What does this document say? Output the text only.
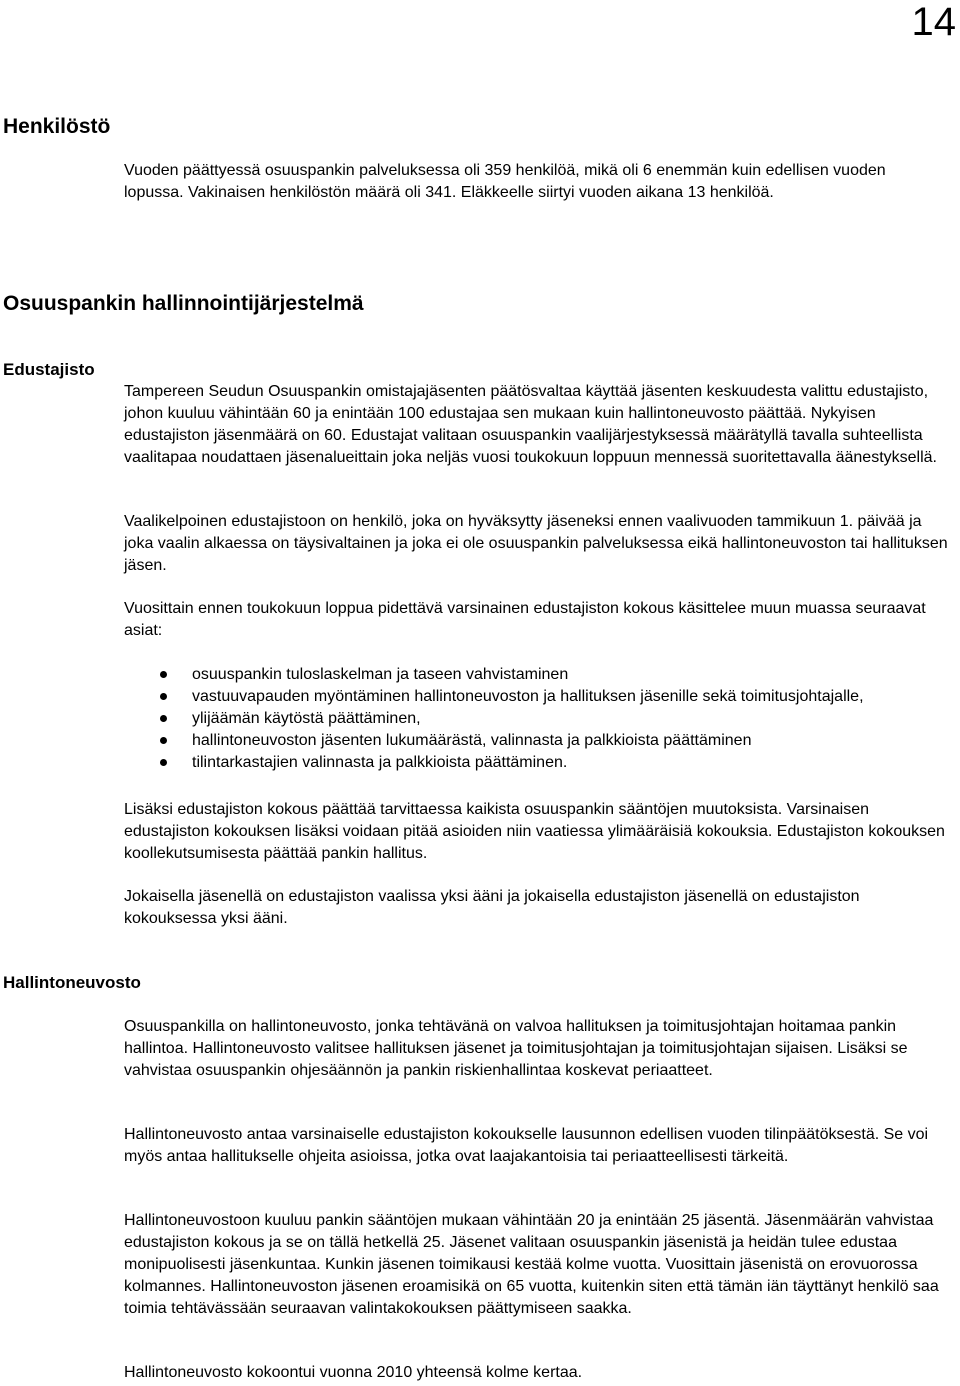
14
Henkilöstö

Vuoden päättyessä osuuspankin palveluksessa oli 359 henkilöä, mikä oli 6 enemmän kuin edellisen vuoden lopussa. Vakinaisen henkilöstön määrä oli 341. Eläkkeelle siirtyi vuoden aikana 13 henkilöä.

Osuuspankin hallinnointijärjestelmä
Edustajisto

Tampereen Seudun Osuuspankin omistajajäsenten päätösvaltaa käyttää jäsenten keskuudesta valittu edustajisto, johon kuuluu vähintään 60 ja enintään 100 edustajaa sen mukaan kuin hallintoneuvosto päättää. Nykyisen edustajiston jäsenmäärä on 60. Edustajat valitaan osuuspankin vaalijärjestyksessä määrätyllä tavalla suhteellista vaalitapaa noudattaen jäsenalueittain joka neljäs vuosi toukokuun loppuun mennessä suoritettavalla äänestyksellä.

Vaalikelpoinen edustajistoon on henkilö, joka on hyväksytty jäseneksi ennen vaalivuoden tammikuun 1. päivää ja joka vaalin alkaessa on täysivaltainen ja joka ei ole osuuspankin palveluksessa eikä hallintoneuvoston tai hallituksen jäsen.

Vuosittain ennen toukokuun loppua pidettävä varsinainen edustajiston kokous käsittelee muun muassa seuraavat asiat:

osuuspankin tuloslaskelman ja taseen vahvistaminen
vastuuvapauden myöntäminen hallintoneuvoston ja hallituksen jäsenille sekä toimitusjohtajalle,
ylijäämän käytöstä päättäminen,
hallintoneuvoston jäsenten lukumäärästä, valinnasta ja palkkioista päättäminen
tilintarkastajien valinnasta ja palkkioista päättäminen.

Lisäksi edustajiston kokous päättää tarvittaessa kaikista osuuspankin sääntöjen muutoksista. Varsinaisen edustajiston kokouksen lisäksi voidaan pitää asioiden niin vaatiessa ylimääräisiä kokouksia. Edustajiston kokouksen koollekutsumisesta päättää pankin hallitus.

Jokaisella jäsenellä on edustajiston vaalissa yksi ääni ja jokaisella edustajiston jäsenellä on edustajiston kokouksessa yksi ääni.

Hallintoneuvosto

Osuuspankilla on hallintoneuvosto, jonka tehtävänä on valvoa hallituksen ja toimitusjohtajan hoitamaa pankin hallintoa. Hallintoneuvosto valitsee hallituksen jäsenet ja toimitusjohtajan ja toimitusjohtajan sijaisen. Lisäksi se vahvistaa osuuspankin ohjesäännön ja pankin riskienhallintaa koskevat periaatteet.

Hallintoneuvosto antaa varsinaiselle edustajiston kokoukselle lausunnon edellisen vuoden tilinpäätöksestä. Se voi myös antaa hallitukselle ohjeita asioissa, jotka ovat laajakantoisia tai periaatteellisesti tärkeitä.

Hallintoneuvostoon kuuluu pankin sääntöjen mukaan vähintään 20 ja enintään 25 jäsentä. Jäsenmäärän vahvistaa edustajiston kokous ja se on tällä hetkellä 25. Jäsenet valitaan osuuspankin jäsenistä ja heidän tulee edustaa monipuolisesti jäsenkuntaa. Kunkin jäsenen toimikausi kestää kolme vuotta. Vuosittain jäsenistä on erovuorossa kolmannes. Hallintoneuvoston jäsenen eroamisikä on 65 vuotta, kuitenkin siten että tämän iän täyttänyt henkilö saa toimia tehtävässään seuraavan valintakokouksen päättymiseen saakka.

Hallintoneuvosto kokoontui vuonna 2010 yhteensä kolme kertaa.
